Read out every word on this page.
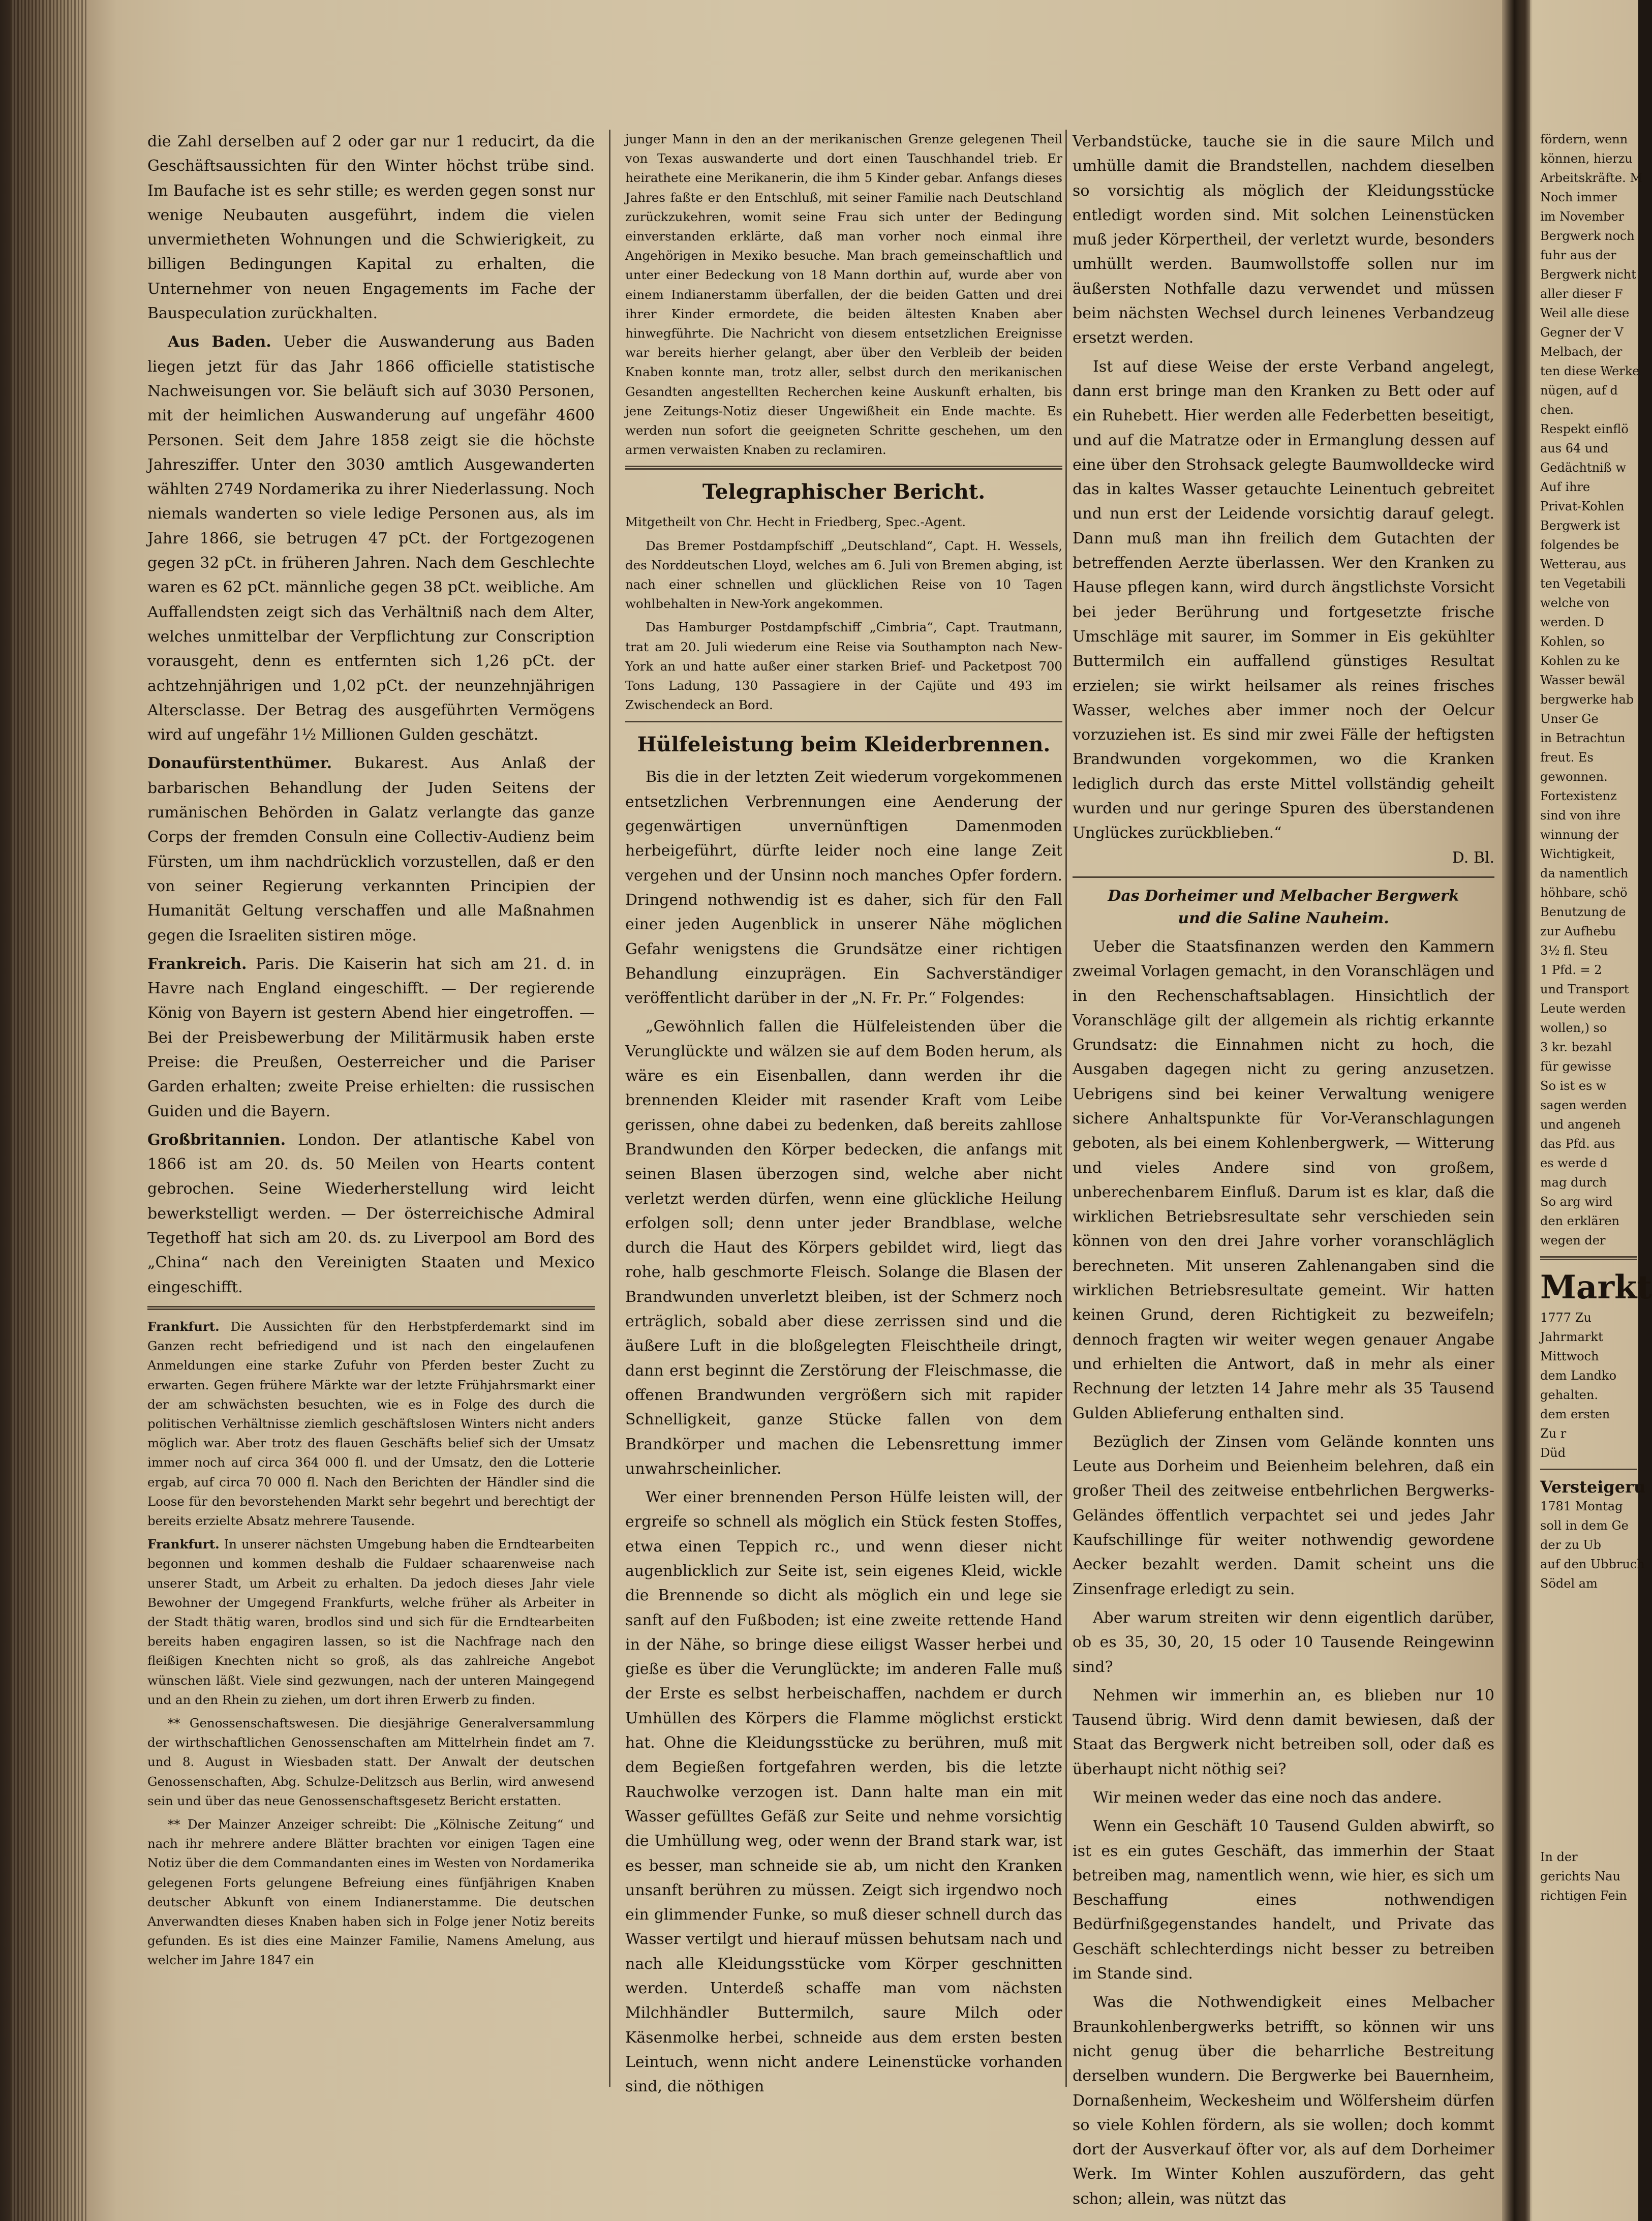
die Zahl derselben auf 2 oder gar nur 1 reducirt, da die Geschäftsaussichten für den Winter höchst trübe sind. Im Baufache ist es sehr stille; es werden gegen sonst nur wenige Neubauten ausgeführt, indem die vielen unvermietheten Wohnungen und die Schwierigkeit, zu billigen Bedingungen Kapital zu erhalten, die Unternehmer von neuen Engagements im Fache der Bauspeculation zurückhalten.

Aus Baden. Ueber die Auswanderung aus Baden liegen jetzt für das Jahr 1866 officielle statistische Nachweisungen vor. Sie beläuft sich auf 3030 Personen, mit der heimlichen Auswanderung auf ungefähr 4600 Personen. Seit dem Jahre 1858 zeigt sie die höchste Jahresziffer. Unter den 3030 amtlich Ausgewanderten wählten 2749 Nordamerika zu ihrer Niederlassung. Noch niemals wanderten so viele ledige Personen aus, als im Jahre 1866, sie betrugen 47 pCt. der Fortgezogenen gegen 32 pCt. in früheren Jahren. Nach dem Geschlechte waren es 62 pCt. männliche gegen 38 pCt. weibliche. Am Auffallendsten zeigt sich das Verhältniß nach dem Alter, welches unmittelbar der Verpflichtung zur Conscription vorausgeht, denn es entfernten sich 1,26 pCt. der achtzehnjährigen und 1,02 pCt. der neunzehnjährigen Altersclasse. Der Betrag des ausgeführten Vermögens wird auf ungefähr 1½ Millionen Gulden geschätzt.

Donaufürstenthümer. Bukarest. Aus Anlaß der barbarischen Behandlung der Juden Seitens der rumänischen Behörden in Galatz verlangte das ganze Corps der fremden Consuln eine Collectiv-Audienz beim Fürsten, um ihm nachdrücklich vorzustellen, daß er den von seiner Regierung verkannten Principien der Humanität Geltung verschaffen und alle Maßnahmen gegen die Israeliten sistiren möge.

Frankreich. Paris. Die Kaiserin hat sich am 21. d. in Havre nach England eingeschifft. — Der regierende König von Bayern ist gestern Abend hier eingetroffen. — Bei der Preisbewerbung der Militärmusik haben erste Preise: die Preußen, Oesterreicher und die Pariser Garden erhalten; zweite Preise erhielten: die russischen Guiden und die Bayern.

Großbritannien. London. Der atlantische Kabel von 1866 ist am 20. ds. 50 Meilen von Hearts content gebrochen. Seine Wiederherstellung wird leicht bewerkstelligt werden. — Der österreichische Admiral Tegethoff hat sich am 20. ds. zu Liverpool am Bord des „China“ nach den Vereinigten Staaten und Mexico eingeschifft.

Frankfurt. Die Aussichten für den Herbstpferdemarkt sind im Ganzen recht befriedigend und ist nach den eingelaufenen Anmeldungen eine starke Zufuhr von Pferden bester Zucht zu erwarten. Gegen frühere Märkte war der letzte Frühjahrsmarkt einer der am schwächsten besuchten, wie es in Folge des durch die politischen Verhältnisse ziemlich geschäftslosen Winters nicht anders möglich war. Aber trotz des flauen Geschäfts belief sich der Umsatz immer noch auf circa 364 000 fl. und der Umsatz, den die Lotterie ergab, auf circa 70 000 fl. Nach den Berichten der Händler sind die Loose für den bevorstehenden Markt sehr begehrt und berechtigt der bereits erzielte Absatz mehrere Tausende.

Frankfurt. In unserer nächsten Umgebung haben die Erndtearbeiten begonnen und kommen deshalb die Fuldaer schaarenweise nach unserer Stadt, um Arbeit zu erhalten. Da jedoch dieses Jahr viele Bewohner der Umgegend Frankfurts, welche früher als Arbeiter in der Stadt thätig waren, brodlos sind und sich für die Erndtearbeiten bereits haben engagiren lassen, so ist die Nachfrage nach den fleißigen Knechten nicht so groß, als das zahlreiche Angebot wünschen läßt. Viele sind gezwungen, nach der unteren Maingegend und an den Rhein zu ziehen, um dort ihren Erwerb zu finden.

** Genossenschaftswesen. Die diesjährige Generalversammlung der wirthschaftlichen Genossenschaften am Mittelrhein findet am 7. und 8. August in Wiesbaden statt. Der Anwalt der deutschen Genossenschaften, Abg. Schulze-Delitzsch aus Berlin, wird anwesend sein und über das neue Genossenschaftsgesetz Bericht erstatten.

** Der Mainzer Anzeiger schreibt: Die „Kölnische Zeitung“ und nach ihr mehrere andere Blätter brachten vor einigen Tagen eine Notiz über die dem Commandanten eines im Westen von Nordamerika gelegenen Forts gelungene Befreiung eines fünfjährigen Knaben deutscher Abkunft von einem Indianerstamme. Die deutschen Anverwandten dieses Knaben haben sich in Folge jener Notiz bereits gefunden. Es ist dies eine Mainzer Familie, Namens Amelung, aus welcher im Jahre 1847 ein

junger Mann in den an der merikanischen Grenze gelegenen Theil von Texas auswanderte und dort einen Tauschhandel trieb. Er heirathete eine Merikanerin, die ihm 5 Kinder gebar. Anfangs dieses Jahres faßte er den Entschluß, mit seiner Familie nach Deutschland zurückzukehren, womit seine Frau sich unter der Bedingung einverstanden erklärte, daß man vorher noch einmal ihre Angehörigen in Mexiko besuche. Man brach gemeinschaftlich und unter einer Bedeckung von 18 Mann dorthin auf, wurde aber von einem Indianerstamm überfallen, der die beiden Gatten und drei ihrer Kinder ermordete, die beiden ältesten Knaben aber hinwegführte. Die Nachricht von diesem entsetzlichen Ereignisse war bereits hierher gelangt, aber über den Verbleib der beiden Knaben konnte man, trotz aller, selbst durch den merikanischen Gesandten angestellten Recherchen keine Auskunft erhalten, bis jene Zeitungs-Notiz dieser Ungewißheit ein Ende machte. Es werden nun sofort die geeigneten Schritte geschehen, um den armen verwaisten Knaben zu reclamiren.

Telegraphischer Bericht.

Mitgetheilt von Chr. Hecht in Friedberg, Spec.-Agent.

Das Bremer Postdampfschiff „Deutschland“, Capt. H. Wessels, des Norddeutschen Lloyd, welches am 6. Juli von Bremen abging, ist nach einer schnellen und glücklichen Reise von 10 Tagen wohlbehalten in New-York angekommen.

Das Hamburger Postdampfschiff „Cimbria“, Capt. Trautmann, trat am 20. Juli wiederum eine Reise via Southampton nach New-York an und hatte außer einer starken Brief- und Packetpost 700 Tons Ladung, 130 Passagiere in der Cajüte und 493 im Zwischendeck an Bord.

Hülfeleistung beim Kleiderbrennen.

Bis die in der letzten Zeit wiederum vorgekommenen entsetzlichen Verbrennungen eine Aenderung der gegenwärtigen unvernünftigen Damenmoden herbeigeführt, dürfte leider noch eine lange Zeit vergehen und der Unsinn noch manches Opfer fordern. Dringend nothwendig ist es daher, sich für den Fall einer jeden Augenblick in unserer Nähe möglichen Gefahr wenigstens die Grundsätze einer richtigen Behandlung einzuprägen. Ein Sachverständiger veröffentlicht darüber in der „N. Fr. Pr.“ Folgendes:

„Gewöhnlich fallen die Hülfeleistenden über die Verunglückte und wälzen sie auf dem Boden herum, als wäre es ein Eisenballen, dann werden ihr die brennenden Kleider mit rasender Kraft vom Leibe gerissen, ohne dabei zu bedenken, daß bereits zahllose Brandwunden den Körper bedecken, die anfangs mit seinen Blasen überzogen sind, welche aber nicht verletzt werden dürfen, wenn eine glückliche Heilung erfolgen soll; denn unter jeder Brandblase, welche durch die Haut des Körpers gebildet wird, liegt das rohe, halb geschmorte Fleisch. Solange die Blasen der Brandwunden unverletzt bleiben, ist der Schmerz noch erträglich, sobald aber diese zerrissen sind und die äußere Luft in die bloßgelegten Fleischtheile dringt, dann erst beginnt die Zerstörung der Fleischmasse, die offenen Brandwunden vergrößern sich mit rapider Schnelligkeit, ganze Stücke fallen von dem Brandkörper und machen die Lebensrettung immer unwahrscheinlicher.

Wer einer brennenden Person Hülfe leisten will, der ergreife so schnell als möglich ein Stück festen Stoffes, etwa einen Teppich rc., und wenn dieser nicht augenblicklich zur Seite ist, sein eigenes Kleid, wickle die Brennende so dicht als möglich ein und lege sie sanft auf den Fußboden; ist eine zweite rettende Hand in der Nähe, so bringe diese eiligst Wasser herbei und gieße es über die Verunglückte; im anderen Falle muß der Erste es selbst herbeischaffen, nachdem er durch Umhüllen des Körpers die Flamme möglichst erstickt hat. Ohne die Kleidungsstücke zu berühren, muß mit dem Begießen fortgefahren werden, bis die letzte Rauchwolke verzogen ist. Dann halte man ein mit Wasser gefülltes Gefäß zur Seite und nehme vorsichtig die Umhüllung weg, oder wenn der Brand stark war, ist es besser, man schneide sie ab, um nicht den Kranken unsanft berühren zu müssen. Zeigt sich irgendwo noch ein glimmender Funke, so muß dieser schnell durch das Wasser vertilgt und hierauf müssen behutsam nach und nach alle Kleidungsstücke vom Körper geschnitten werden. Unterdeß schaffe man vom nächsten Milchhändler Buttermilch, saure Milch oder Käsenmolke herbei, schneide aus dem ersten besten Leintuch, wenn nicht andere Leinenstücke vorhanden sind, die nöthigen

Verbandstücke, tauche sie in die saure Milch und umhülle damit die Brandstellen, nachdem dieselben so vorsichtig als möglich der Kleidungsstücke entledigt worden sind. Mit solchen Leinenstücken muß jeder Körpertheil, der verletzt wurde, besonders umhüllt werden. Baumwollstoffe sollen nur im äußersten Nothfalle dazu verwendet und müssen beim nächsten Wechsel durch leinenes Verbandzeug ersetzt werden.

Ist auf diese Weise der erste Verband angelegt, dann erst bringe man den Kranken zu Bett oder auf ein Ruhebett. Hier werden alle Federbetten beseitigt, und auf die Matratze oder in Ermanglung dessen auf eine über den Strohsack gelegte Baumwolldecke wird das in kaltes Wasser getauchte Leinentuch gebreitet und nun erst der Leidende vorsichtig darauf gelegt. Dann muß man ihn freilich dem Gutachten der betreffenden Aerzte überlassen. Wer den Kranken zu Hause pflegen kann, wird durch ängstlichste Vorsicht bei jeder Berührung und fortgesetzte frische Umschläge mit saurer, im Sommer in Eis gekühlter Buttermilch ein auffallend günstiges Resultat erzielen; sie wirkt heilsamer als reines frisches Wasser, welches aber immer noch der Oelcur vorzuziehen ist. Es sind mir zwei Fälle der heftigsten Brandwunden vorgekommen, wo die Kranken lediglich durch das erste Mittel vollständig geheilt wurden und nur geringe Spuren des überstandenen Unglückes zurückblieben.“
D. Bl.

Das Dorheimer und Melbacher Bergwerk
und die Saline Nauheim.

Ueber die Staatsfinanzen werden den Kammern zweimal Vorlagen gemacht, in den Voranschlägen und in den Rechenschaftsablagen. Hinsichtlich der Voranschläge gilt der allgemein als richtig erkannte Grundsatz: die Einnahmen nicht zu hoch, die Ausgaben dagegen nicht zu gering anzusetzen. Uebrigens sind bei keiner Verwaltung wenigere sichere Anhaltspunkte für Vor-Veranschlagungen geboten, als bei einem Kohlenbergwerk, — Witterung und vieles Andere sind von großem, unberechenbarem Einfluß. Darum ist es klar, daß die wirklichen Betriebsresultate sehr verschieden sein können von den drei Jahre vorher voranschläglich berechneten. Mit unseren Zahlenangaben sind die wirklichen Betriebsresultate gemeint. Wir hatten keinen Grund, deren Richtigkeit zu bezweifeln; dennoch fragten wir weiter wegen genauer Angabe und erhielten die Antwort, daß in mehr als einer Rechnung der letzten 14 Jahre mehr als 35 Tausend Gulden Ablieferung enthalten sind.

Bezüglich der Zinsen vom Gelände konnten uns Leute aus Dorheim und Beienheim belehren, daß ein großer Theil des zeitweise entbehrlichen Bergwerks-Geländes öffentlich verpachtet sei und jedes Jahr Kaufschillinge für weiter nothwendig gewordene Aecker bezahlt werden. Damit scheint uns die Zinsenfrage erledigt zu sein.

Aber warum streiten wir denn eigentlich darüber, ob es 35, 30, 20, 15 oder 10 Tausende Reingewinn sind?

Nehmen wir immerhin an, es blieben nur 10 Tausend übrig. Wird denn damit bewiesen, daß der Staat das Bergwerk nicht betreiben soll, oder daß es überhaupt nicht nöthig sei?

Wir meinen weder das eine noch das andere.

Wenn ein Geschäft 10 Tausend Gulden abwirft, so ist es ein gutes Geschäft, das immerhin der Staat betreiben mag, namentlich wenn, wie hier, es sich um Beschaffung eines nothwendigen Bedürfnißgegenstandes handelt, und Private das Geschäft schlechterdings nicht besser zu betreiben im Stande sind.

Was die Nothwendigkeit eines Melbacher Braunkohlenbergwerks betrifft, so können wir uns nicht genug über die beharrliche Bestreitung derselben wundern. Die Bergwerke bei Bauernheim, Dornaßenheim, Weckesheim und Wölfersheim dürfen so viele Kohlen fördern, als sie wollen; doch kommt dort der Ausverkauf öfter vor, als auf dem Dorheimer Werk. Im Winter Kohlen auszufördern, das geht schon; allein, was nützt das

fördern, wenn

können, hierzu

Arbeitskräfte. M

Noch immer

im November

Bergwerk noch

fuhr aus der

Bergwerk nicht

aller dieser F

Weil alle diese

Gegner der V

Melbach, der

ten diese Werke

nügen, auf d

chen.

Respekt einflö

aus 64 und

Gedächtniß w

Auf ihre

Privat-Kohlen

Bergwerk ist

folgendes be

Wetterau, aus

ten Vegetabili

welche von

werden. D

Kohlen, so

Kohlen zu ke

Wasser bewäl

bergwerke hab

Unser Ge

in Betrachtun

freut. Es

gewonnen.

Fortexistenz

sind von ihre

winnung der

Wichtigkeit,

da namentlich

höhbare, schö

Benutzung de

zur Aufhebu

3½ fl. Steu

1 Pfd. = 2

und Transport

Leute werden

wollen,) so

3 kr. bezahl

für gewisse

So ist es w

sagen werden

und angeneh

das Pfd. aus

es werde d

mag durch

So arg wird

den erklären

wegen der

Markt

1777 Zu

Jahrmarkt

Mittwoch

dem Landko

gehalten.

dem ersten

Zu r

Düd

Versteigeru

1781 Montag

soll in dem Ge

der zu Ub

auf den Ubbruch

Södel am

In der

gerichts Nau

richtigen Fein
